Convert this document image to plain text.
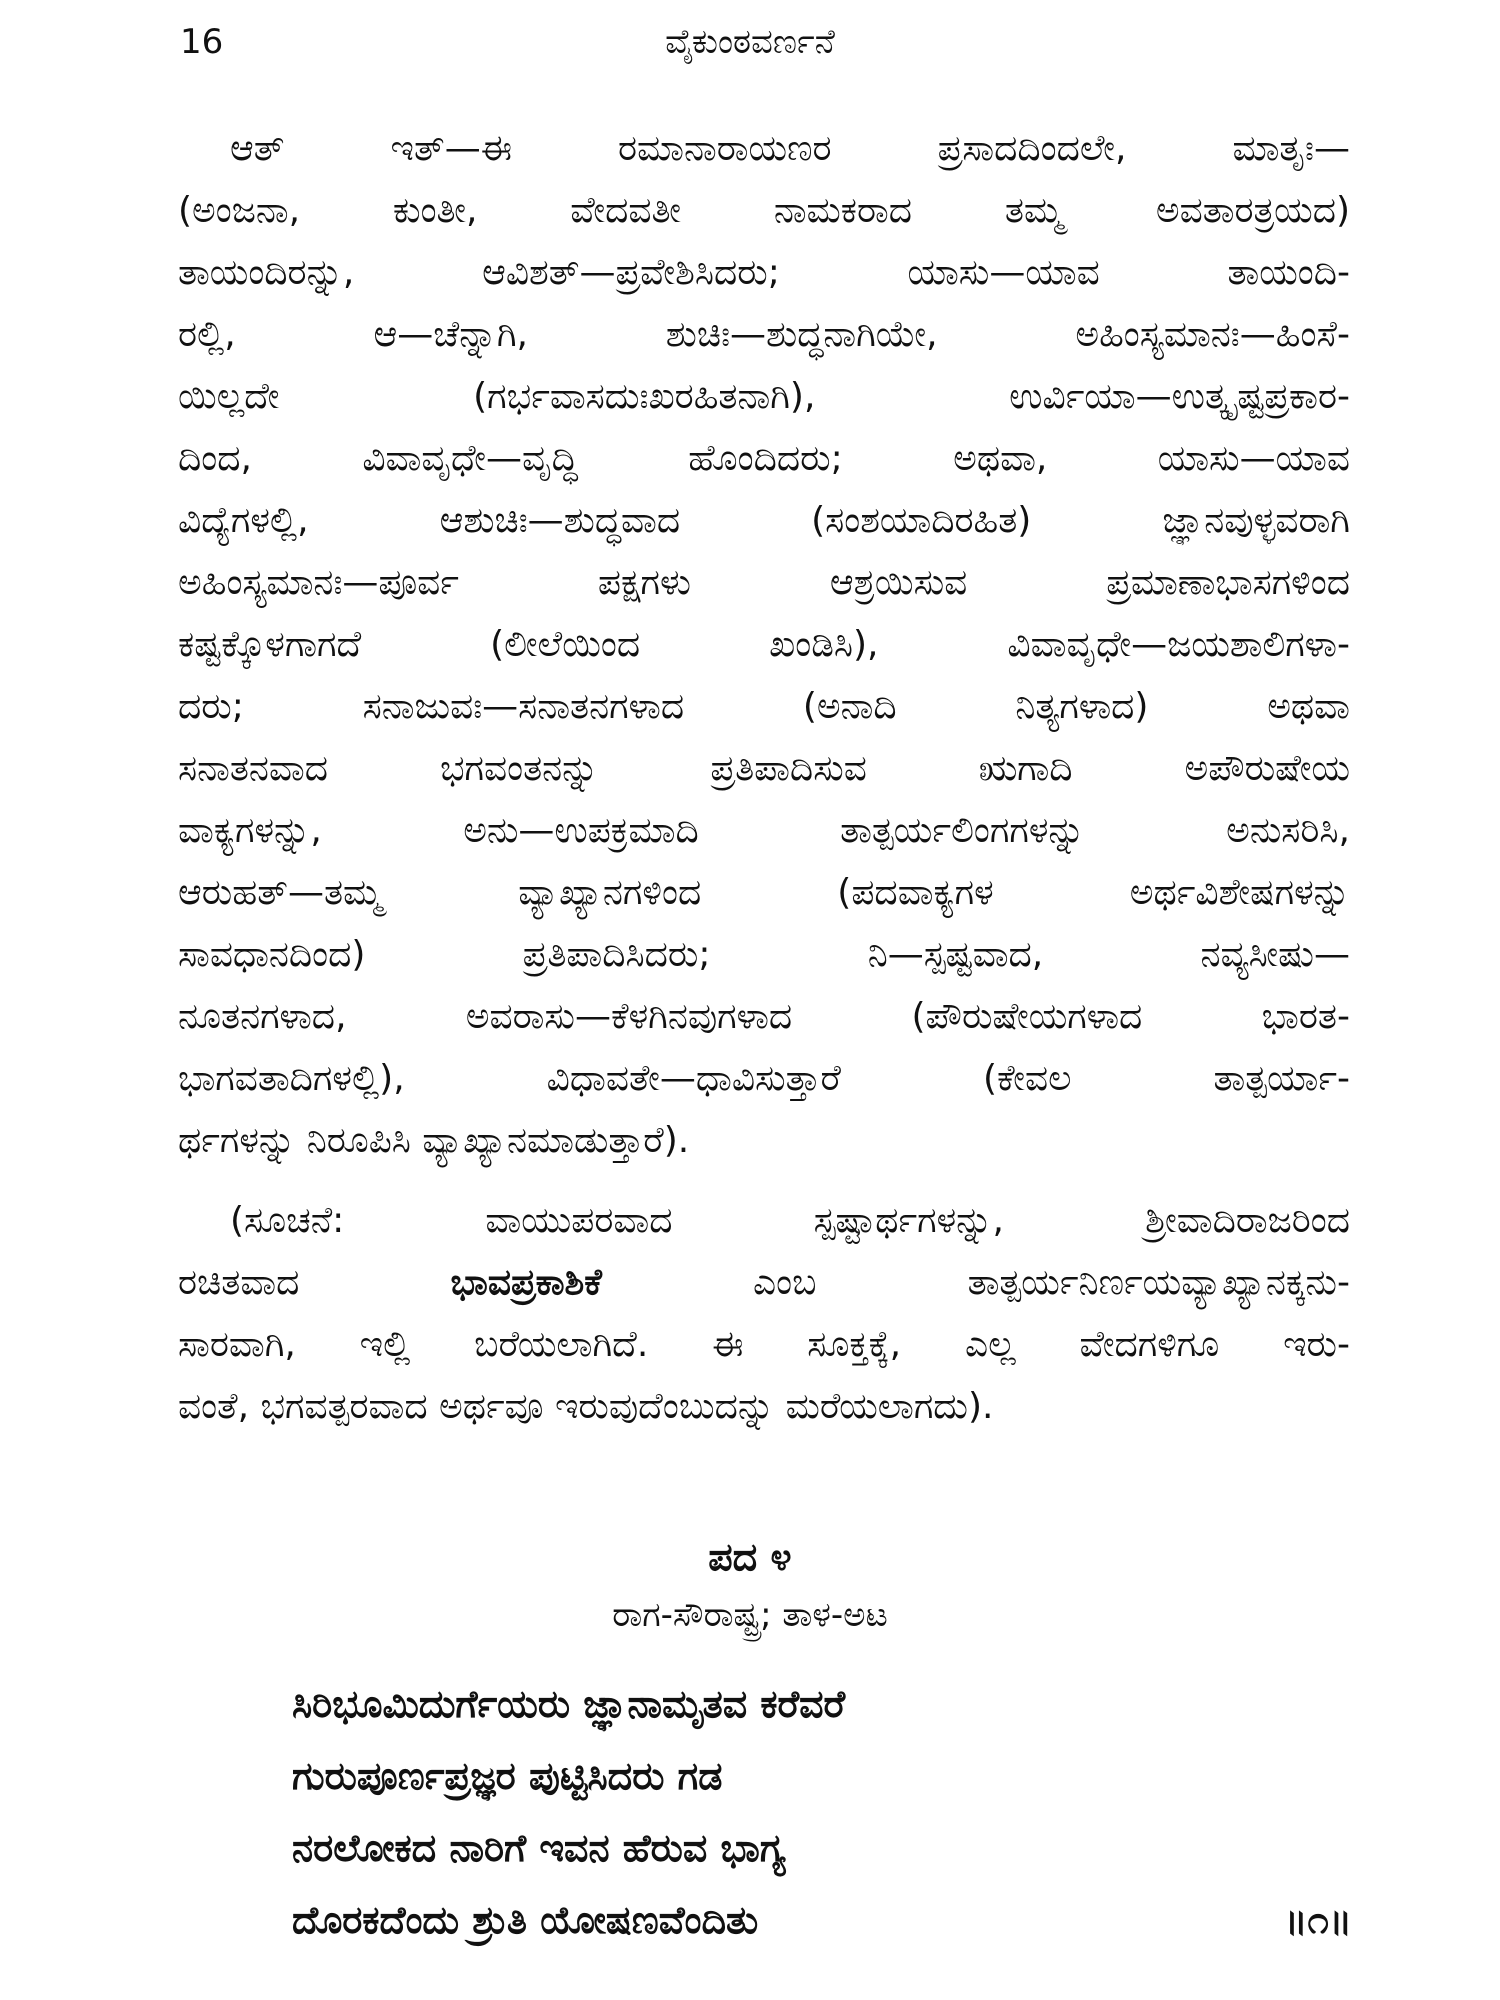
16	ವೈಕುಂಠವರ್ಣನೆ
ಆತ್ ಇತ್—ಈ ರಮಾನಾರಾಯಣರ ಪ್ರಸಾದದಿಂದಲೇ, ಮಾತೃಃ—
(ಅಂಜನಾ, ಕುಂತೀ, ವೇದವತೀ ನಾಮಕರಾದ ತಮ್ಮ ಅವತಾರತ್ರಯದ)
ತಾಯಂದಿರನ್ನು, ಆವಿಶತ್—ಪ್ರವೇಶಿಸಿದರು; ಯಾಸು—ಯಾವ ತಾಯಂದಿ-
ರಲ್ಲಿ, ಆ—ಚೆನ್ನಾಗಿ, ಶುಚಿಃ—ಶುದ್ಧನಾಗಿಯೇ, ಅಹಿಂಸ್ಯಮಾನಃ—ಹಿಂಸೆ-
ಯಿಲ್ಲದೇ (ಗರ್ಭವಾಸದುಃಖರಹಿತನಾಗಿ), ಉರ್ವಿಯಾ—ಉತ್ಕೃಷ್ಟಪ್ರಕಾರ-
ದಿಂದ, ವಿವಾವೃಧೇ—ವೃದ್ಧಿ ಹೊಂದಿದರು; ಅಥವಾ, ಯಾಸು—ಯಾವ
ವಿದ್ಯೆಗಳಲ್ಲಿ, ಆಶುಚಿಃ—ಶುದ್ಧವಾದ (ಸಂಶಯಾದಿರಹಿತ) ಜ್ಞಾನವುಳ್ಳವರಾಗಿ
ಅಹಿಂಸ್ಯಮಾನಃ—ಪೂರ್ವ ಪಕ್ಷಗಳು ಆಶ್ರಯಿಸುವ ಪ್ರಮಾಣಾಭಾಸಗಳಿಂದ
ಕಷ್ಟಕ್ಕೊಳಗಾಗದೆ (ಲೀಲೆಯಿಂದ ಖಂಡಿಸಿ), ವಿವಾವೃಧೇ—ಜಯಶಾಲಿಗಳಾ-
ದರು; ಸನಾಜುವಃ—ಸನಾತನಗಳಾದ (ಅನಾದಿ ನಿತ್ಯಗಳಾದ) ಅಥವಾ
ಸನಾತನವಾದ ಭಗವಂತನನ್ನು ಪ್ರತಿಪಾದಿಸುವ ಋಗಾದಿ ಅಪೌರುಷೇಯ
ವಾಕ್ಯಗಳನ್ನು, ಅನು—ಉಪಕ್ರಮಾದಿ ತಾತ್ಪರ್ಯಲಿಂಗಗಳನ್ನು ಅನುಸರಿಸಿ,
ಆರುಹತ್—ತಮ್ಮ ವ್ಯಾಖ್ಯಾನಗಳಿಂದ (ಪದವಾಕ್ಯಗಳ ಅರ್ಥವಿಶೇಷಗಳನ್ನು
ಸಾವಧಾನದಿಂದ) ಪ್ರತಿಪಾದಿಸಿದರು; ನಿ—ಸ್ಪಷ್ಟವಾದ, ನವ್ಯಸೀಷು—
ನೂತನಗಳಾದ, ಅವರಾಸು—ಕೆಳಗಿನವುಗಳಾದ (ಪೌರುಷೇಯಗಳಾದ ಭಾರತ-
ಭಾಗವತಾದಿಗಳಲ್ಲಿ), ವಿಧಾವತೇ—ಧಾವಿಸುತ್ತಾರೆ (ಕೇವಲ ತಾತ್ಪರ್ಯಾ-
ರ್ಥಗಳನ್ನು ನಿರೂಪಿಸಿ ವ್ಯಾಖ್ಯಾನಮಾಡುತ್ತಾರೆ).
(ಸೂಚನೆ: ವಾಯುಪರವಾದ ಸ್ಪಷ್ಟಾರ್ಥಗಳನ್ನು, ಶ್ರೀವಾದಿರಾಜರಿಂದ
ರಚಿತವಾದ ಭಾವಪ್ರಕಾಶಿಕೆ ಎಂಬ ತಾತ್ಪರ್ಯನಿರ್ಣಯವ್ಯಾಖ್ಯಾನಕ್ಕನು-
ಸಾರವಾಗಿ, ಇಲ್ಲಿ ಬರೆಯಲಾಗಿದೆ. ಈ ಸೂಕ್ತಕ್ಕೆ, ಎಲ್ಲ ವೇದಗಳಿಗೂ ಇರು-
ವಂತೆ, ಭಗವತ್ಪರವಾದ ಅರ್ಥವೂ ಇರುವುದೆಂಬುದನ್ನು ಮರೆಯಲಾಗದು).
ಪದ ೪
ರಾಗ-ಸೌರಾಷ್ಟ್ರ; ತಾಳ-ಅಟ
ಸಿರಿಭೂಮಿದುರ್ಗೆಯರು ಜ್ಞಾನಾಮೃತವ ಕರೆವರೆ
ಗುರುಪೂರ್ಣಪ್ರಜ್ಞರ ಪುಟ್ಟಿಸಿದರು ಗಡ
ನರಲೋಕದ ನಾರಿಗೆ ಇವನ ಹೆರುವ ಭಾಗ್ಯ
ದೊರಕದೆಂದು ಶ್ರುತಿ ಯೋಷಣವೆಂದಿತು	॥೧॥
